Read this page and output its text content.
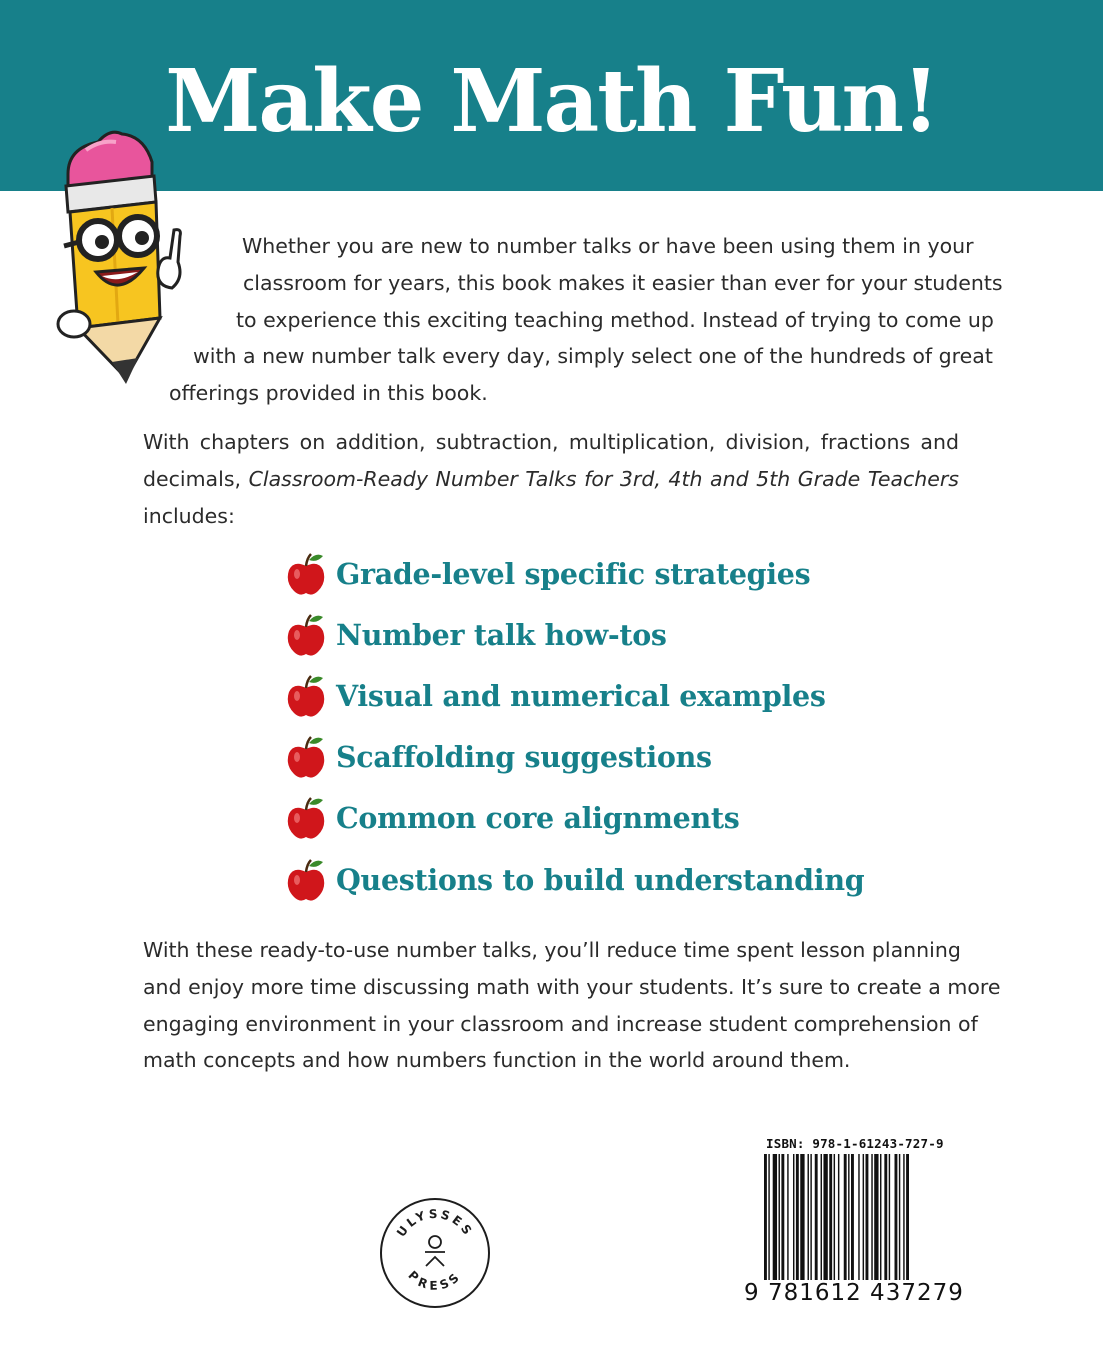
Make Math Fun!

Whether you are new to number talks or have been using them in your
classroom for years, this book makes it easier than ever for your students
to experience this exciting teaching method. Instead of trying to come up
with a new number talk every day, simply select one of the hundreds of great
offerings provided in this book.

With chapters on addition, subtraction, multiplication, division, fractions and
decimals, Classroom-Ready Number Talks for 3rd, 4th and 5th Grade Teachers
includes:

Grade-level specific strategies
Number talk how-tos
Visual and numerical examples
Scaffolding suggestions
Common core alignments
Questions to build understanding

With these ready-to-use number talks, you’ll reduce time spent lesson planning
and enjoy more time discussing math with your students. It’s sure to create a more
engaging environment in your classroom and increase student comprehension of
math concepts and how numbers function in the world around them.

ULYSSES
PRESS
ISBN: 978-1-61243-727-9
9 781612 437279
